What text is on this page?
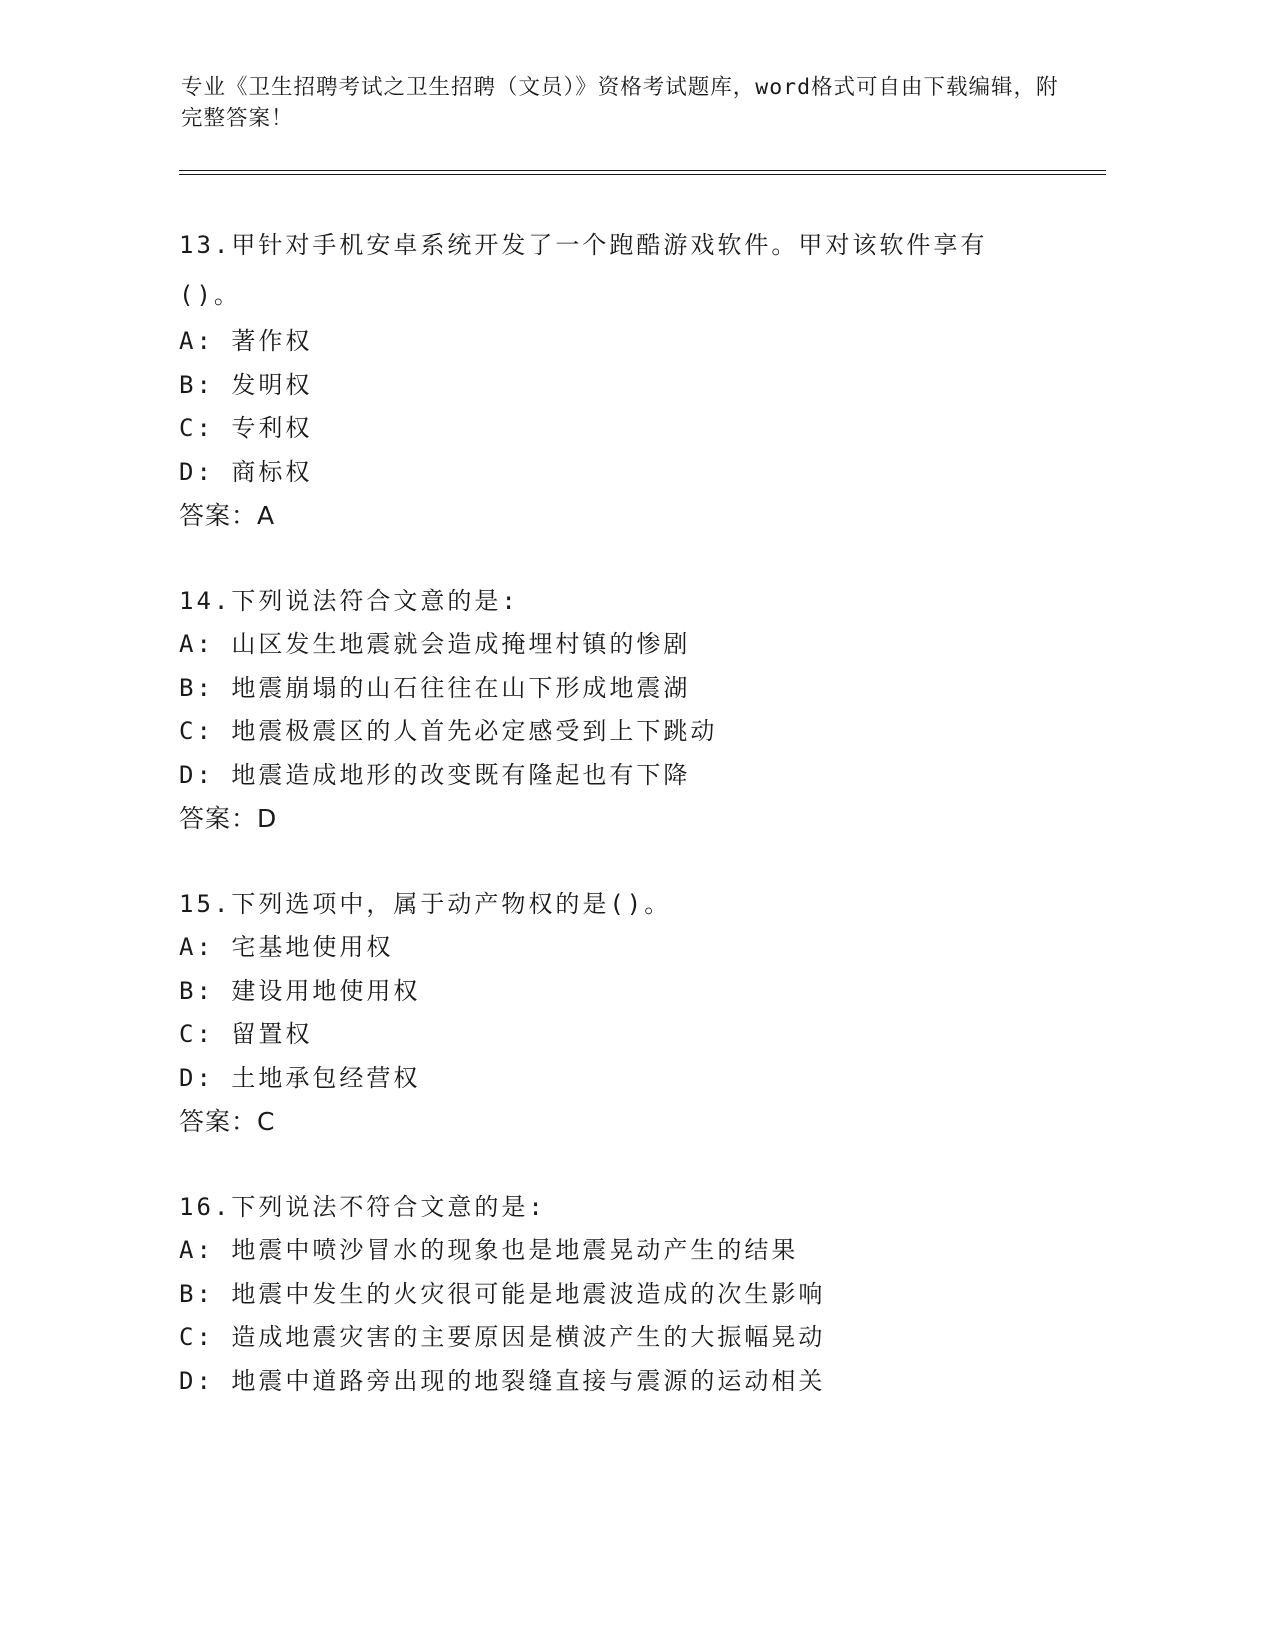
专业《卫生招聘考试之卫生招聘（文员）》资格考试题库，word格式可自由下载编辑，附完整答案！
13.甲针对手机安卓系统开发了一个跑酷游戏软件。甲对该软件享有()。
A: 著作权
B: 发明权
C: 专利权
D: 商标权
答案：A
14.下列说法符合文意的是:
A: 山区发生地震就会造成掩埋村镇的惨剧
B: 地震崩塌的山石往往在山下形成地震湖
C: 地震极震区的人首先必定感受到上下跳动
D: 地震造成地形的改变既有隆起也有下降
答案：D
15.下列选项中，属于动产物权的是()。
A: 宅基地使用权
B: 建设用地使用权
C: 留置权
D: 土地承包经营权
答案：C
16.下列说法不符合文意的是:
A: 地震中喷沙冒水的现象也是地震晃动产生的结果
B: 地震中发生的火灾很可能是地震波造成的次生影响
C: 造成地震灾害的主要原因是横波产生的大振幅晃动
D: 地震中道路旁出现的地裂缝直接与震源的运动相关
